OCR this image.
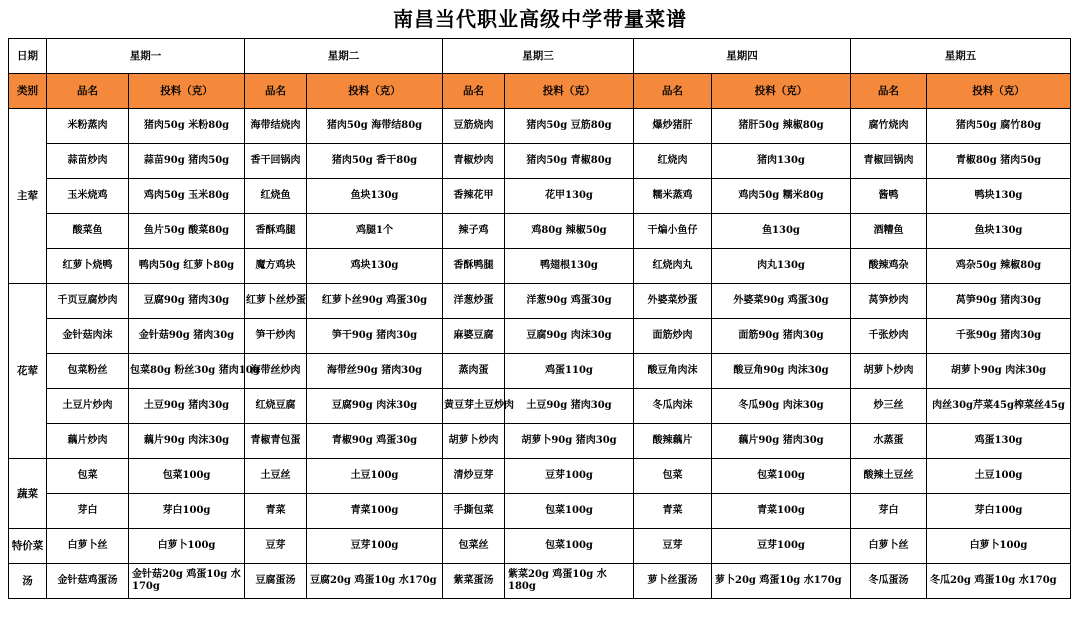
南昌当代职业高级中学带量菜谱
日期	星期一		星期二		星期三		星期四		星期五	
类别	品名	投料（克）	品名	投料（克）	品名	投料（克）	品名	投料（克）	品名	投料（克）
主荤	米粉蒸肉	猪肉50g 米粉80g	海带结烧肉	猪肉50g 海带结80g	豆筋烧肉	猪肉50g 豆筋80g	爆炒猪肝	猪肝50g 辣椒80g	腐竹烧肉	猪肉50g 腐竹80g
	蒜苗炒肉	蒜苗90g 猪肉50g	香干回锅肉	猪肉50g 香干80g	青椒炒肉	猪肉50g 青椒80g	红烧肉	猪肉130g	青椒回锅肉	青椒80g 猪肉50g
	玉米烧鸡	鸡肉50g 玉米80g	红烧鱼	鱼块130g	香辣花甲	花甲130g	糯米蒸鸡	鸡肉50g 糯米80g	酱鸭	鸭块130g
	酸菜鱼	鱼片50g 酸菜80g	香酥鸡腿	鸡腿1个	辣子鸡	鸡80g 辣椒50g	干煸小鱼仔	鱼130g	酒糟鱼	鱼块130g
	红萝卜烧鸭	鸭肉50g 红萝卜80g	魔方鸡块	鸡块130g	香酥鸭腿	鸭翅根130g	红烧肉丸	肉丸130g	酸辣鸡杂	鸡杂50g 辣椒80g
花荤	千页豆腐炒肉	豆腐90g 猪肉30g	红萝卜丝炒蛋	红萝卜丝90g 鸡蛋30g	洋葱炒蛋	洋葱90g 鸡蛋30g	外婆菜炒蛋	外婆菜90g 鸡蛋30g	莴笋炒肉	莴笋90g 猪肉30g
	金针菇肉沫	金针菇90g 猪肉30g	笋干炒肉	笋干90g 猪肉30g	麻婆豆腐	豆腐90g 肉沫30g	面筋炒肉	面筋90g 猪肉30g	千张炒肉	千张90g 猪肉30g
	包菜粉丝	包菜80g 粉丝30g 猪肉10g	海带丝炒肉	海带丝90g 猪肉30g	蒸肉蛋	鸡蛋110g	酸豆角肉沫	酸豆角90g 肉沫30g	胡萝卜炒肉	胡萝卜90g 肉沫30g
	土豆片炒肉	土豆90g 猪肉30g	红烧豆腐	豆腐90g 肉沫30g	黄豆芽土豆炒肉	土豆90g 猪肉30g	冬瓜肉沫	冬瓜90g 肉沫30g	炒三丝	肉丝30g芹菜45g榨菜丝45g
	藕片炒肉	藕片90g 肉沫30g	青椒青包蛋	青椒90g 鸡蛋30g	胡萝卜炒肉	胡萝卜90g 猪肉30g	酸辣藕片	藕片90g 猪肉30g	水蒸蛋	鸡蛋130g
蔬菜	包菜	包菜100g	土豆丝	土豆100g	清炒豆芽	豆芽100g	包菜	包菜100g	酸辣土豆丝	土豆100g
	芽白	芽白100g	青菜	青菜100g	手撕包菜	包菜100g	青菜	青菜100g	芽白	芽白100g
特价菜	白萝卜丝	白萝卜100g	豆芽	豆芽100g	包菜丝	包菜100g	豆芽	豆芽100g	白萝卜丝	白萝卜100g
汤	金针菇鸡蛋汤	金针菇20g 鸡蛋10g 水170g	豆腐蛋汤	豆腐20g 鸡蛋10g 水170g	紫菜蛋汤	紫菜20g 鸡蛋10g 水180g	萝卜丝蛋汤	萝卜20g 鸡蛋10g 水170g	冬瓜蛋汤	冬瓜20g 鸡蛋10g 水170g
